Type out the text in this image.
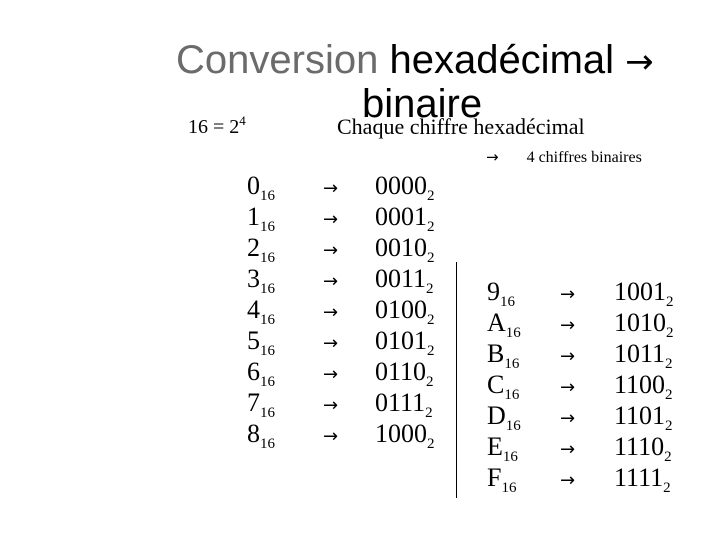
Conversion hexadécimal →
binaire
$16 = 2^4$	Chaque chiffre hexadécimal
→ 4 chiffres binaires
$0_{16}$
$1_{16}$
$2_{16}$
$3_{16}$
$4_{16}$
$5_{16}$
$6_{16}$
$7_{16}$
$8_{16}$
→
→
→
→
→
→
→
→
→
$0000_2$
$0001_2$
$0010_2$
$0011_2$
$0100_2$
$0101_2$
$0110_2$
$0111_2$
$1000_2$
$9_{16}$
$A_{16}$
$B_{16}$
$C_{16}$
$D_{16}$
$E_{16}$
$F_{16}$
→
→
→
→
→
→
→
$1001_2$
$1010_2$
$1011_2$
$1100_2$
$1101_2$
$1110_2$
$1111_2$
